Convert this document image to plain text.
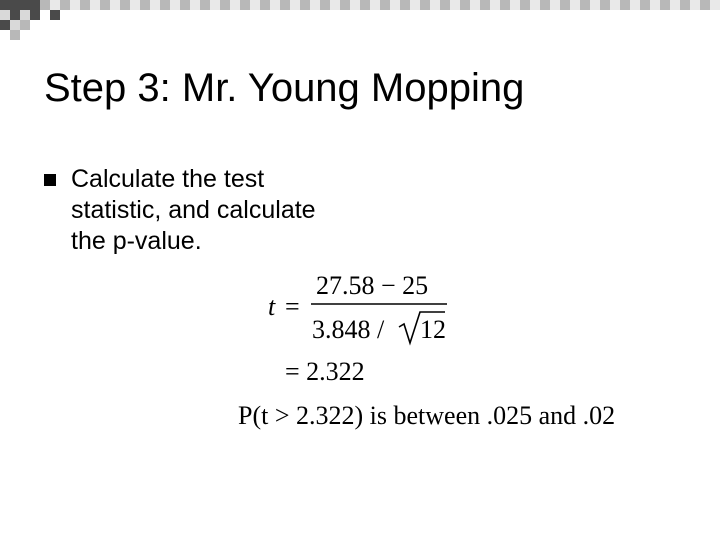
Step 3: Mr. Young Mopping
Calculate the test
statistic, and calculate
the p-value.
t =
27.58 − 25
3.848 / 12
= 2.322
P(t > 2.322) is between .025 and .02
